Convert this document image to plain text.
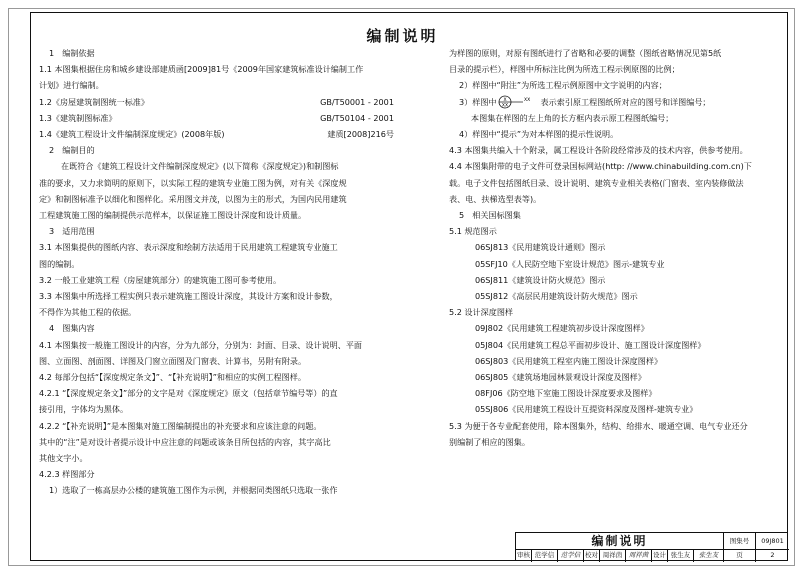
编制说明

1　编制依据

1.1 本图集根据住房和城乡建设部建质函[2009]81号《2009年国家建筑标准设计编制工作

计划》进行编制。

1.2《房屋建筑制图统一标准》	GB/T50001 - 2001

1.3《建筑制图标准》	GB/T50104 - 2001

1.4《建筑工程设计文件编制深度规定》(2008年版)	建质[2008]216号

2　编制目的

在既符合《建筑工程设计文件编制深度规定》(以下简称《深度规定》)和制图标

准的要求，又力求简明的原则下，以实际工程的建筑专业施工图为例，对有关《深度规

定》和制图标准予以细化和图样化。采用图文并茂，以图为主的形式，为国内民用建筑

工程建筑施工图的编制提供示范样本，以保证施工图设计深度和设计质量。

3　适用范围

3.1 本图集提供的图纸内容、表示深度和绘制方法适用于民用建筑工程建筑专业施工

图的编制。

3.2 一般工业建筑工程（房屋建筑部分）的建筑施工图可参考使用。

3.3 本图集中所选择工程实例只表示建筑施工图设计深度，其设计方案和设计参数，

不得作为其他工程的依据。

4　图集内容

4.1 本图集按一般施工图设计的内容，分为九部分，分别为：封面、目录、设计说明、平面

图、立面图、剖面图、详图及门窗立面图及门窗表、计算书，另附有附录。

4.2 每部分包括“【深度规定条文】”、“【补充说明】”和相应的实例工程图样。

4.2.1 “【深度规定条文】”部分的文字是对《深度规定》原文（包括章节编号等）的直

接引用，字体均为黑体。

4.2.2 “【补充说明】”是本图集对施工图编制提出的补充要求和应该注意的问题。

其中的“注”是对设计者提示设计中应注意的问题或该条目所包括的内容，其字高比

其他文字小。

4.2.3 样图部分

1）选取了一栋高层办公楼的建筑施工图作为示例，并根据同类图纸只选取一张作

为样图的原则，对原有图纸进行了省略和必要的调整（图纸省略情况见第5纸

目录的提示栏），样图中所标注比例为所选工程示例原图的比例；

2）样图中“附注”为所选工程示例原图中文字说明的内容；

3）样图中 X
XX
XX 表示索引原工程图纸所对应的图号和详图编号；

本图集在样图的左上角的长方框内表示原工程图纸编号；

4）样图中“提示”为对本样图的提示性说明。

4.3 本图集共编入十个附录，属工程设计各阶段经常涉及的技术内容，供参考使用。

4.4 本图集附带的电子文件可登录国标网站(http: //www.chinabuilding.com.cn)下

载。电子文件包括图纸目录、设计说明、建筑专业相关表格(门窗表、室内装修做法

表、电、扶梯选型表等)。

5　相关国标图集

5.1 规范图示

06SJ813《民用建筑设计通则》图示

05SFJ10《人民防空地下室设计规范》图示-建筑专业

06SJ811《建筑设计防火规范》图示

05SJ812《高层民用建筑设计防火规范》图示

5.2 设计深度图样

09J802《民用建筑工程建筑初步设计深度图样》

05J804《民用建筑工程总平面初步设计、施工图设计深度图样》

06SJ803《民用建筑工程室内施工图设计深度图样》

06SJ805《建筑场地园林景观设计深度及图样》

08FJ06《防空地下室施工图设计深度要求及图样》

05SJ806《民用建筑工程设计互提资料深度及图样-建筑专业》

5.3 为便于各专业配套使用，除本图集外，结构、给排水、暖通空调、电气专业还分

别编制了相应的图集。

编制说明	图集号	09J801
审核 范学信	范学信 校对 周祥茵	周祥茵 设计 张生友	张生友	页	2
